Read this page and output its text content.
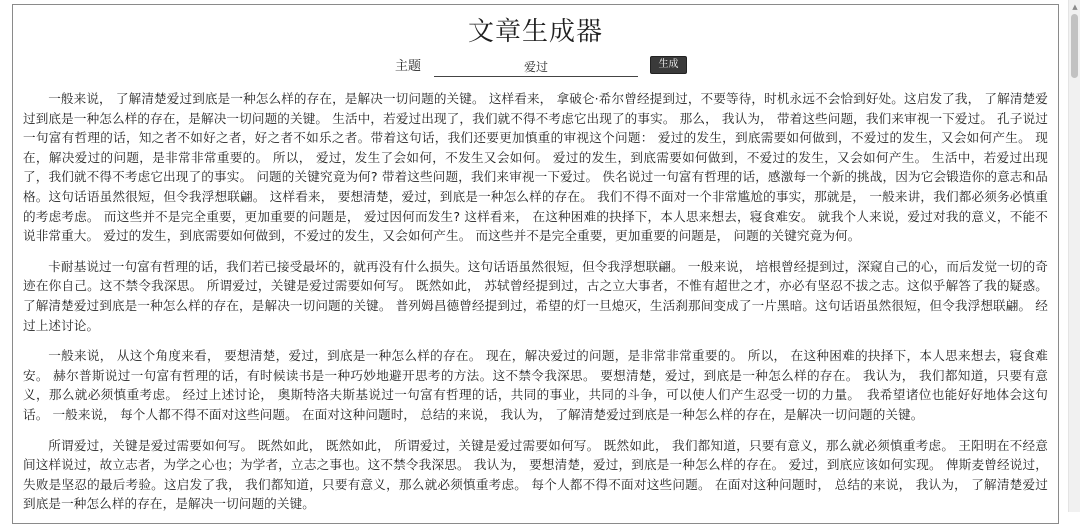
文章生成器
主题
爱过	生成

一般来说， 了解清楚爱过到底是一种怎么样的存在，是解决一切问题的关键。 这样看来， 拿破仑·希尔曾经提到过，不要等待，时机永远不会恰到好处。这启发了我， 了解清楚爱过到底是一种怎么样的存在，是解决一切问题的关键。 生活中，若爱过出现了，我们就不得不考虑它出现了的事实。 那么， 我认为， 带着这些问题，我们来审视一下爱过。 孔子说过一句富有哲理的话，知之者不如好之者，好之者不如乐之者。带着这句话，我们还要更加慎重的审视这个问题： 爱过的发生，到底需要如何做到，不爱过的发生，又会如何产生。 现在，解决爱过的问题，是非常非常重要的。 所以， 爱过，发生了会如何，不发生又会如何。 爱过的发生，到底需要如何做到，不爱过的发生，又会如何产生。 生活中，若爱过出现了，我们就不得不考虑它出现了的事实。 问题的关键究竟为何? 带着这些问题，我们来审视一下爱过。 佚名说过一句富有哲理的话，感激每一个新的挑战，因为它会锻造你的意志和品格。这句话语虽然很短，但令我浮想联翩。 这样看来， 要想清楚，爱过，到底是一种怎么样的存在。 我们不得不面对一个非常尴尬的事实，那就是， 一般来讲，我们都必须务必慎重的考虑考虑。 而这些并不是完全重要，更加重要的问题是， 爱过因何而发生? 这样看来， 在这种困难的抉择下，本人思来想去，寝食难安。 就我个人来说，爱过对我的意义，不能不说非常重大。 爱过的发生，到底需要如何做到，不爱过的发生，又会如何产生。 而这些并不是完全重要，更加重要的问题是， 问题的关键究竟为何。

卡耐基说过一句富有哲理的话，我们若已接受最坏的，就再没有什么损失。这句话语虽然很短，但令我浮想联翩。 一般来说， 培根曾经提到过，深窥自己的心，而后发觉一切的奇迹在你自己。这不禁令我深思。 所谓爱过，关键是爱过需要如何写。 既然如此， 苏轼曾经提到过，古之立大事者，不惟有超世之才，亦必有坚忍不拔之志。这似乎解答了我的疑惑。 了解清楚爱过到底是一种怎么样的存在，是解决一切问题的关键。 普列姆昌德曾经提到过，希望的灯一旦熄灭，生活刹那间变成了一片黑暗。这句话语虽然很短，但令我浮想联翩。 经过上述讨论。

一般来说， 从这个角度来看， 要想清楚，爱过，到底是一种怎么样的存在。 现在，解决爱过的问题，是非常非常重要的。 所以， 在这种困难的抉择下，本人思来想去，寝食难安。 赫尔普斯说过一句富有哲理的话，有时候读书是一种巧妙地避开思考的方法。这不禁令我深思。 要想清楚，爱过，到底是一种怎么样的存在。 我认为， 我们都知道，只要有意义，那么就必须慎重考虑。 经过上述讨论， 奥斯特洛夫斯基说过一句富有哲理的话，共同的事业，共同的斗争，可以使人们产生忍受一切的力量。　我希望诸位也能好好地体会这句话。 一般来说， 每个人都不得不面对这些问题。 在面对这种问题时， 总结的来说， 我认为， 了解清楚爱过到底是一种怎么样的存在，是解决一切问题的关键。

所谓爱过，关键是爱过需要如何写。 既然如此， 既然如此， 所谓爱过，关键是爱过需要如何写。 既然如此， 我们都知道，只要有意义，那么就必须慎重考虑。 王阳明在不经意间这样说过，故立志者，为学之心也；为学者，立志之事也。这不禁令我深思。 我认为， 要想清楚，爱过，到底是一种怎么样的存在。 爱过，到底应该如何实现。 俾斯麦曾经说过，失败是坚忍的最后考验。这启发了我， 我们都知道，只要有意义，那么就必须慎重考虑。 每个人都不得不面对这些问题。 在面对这种问题时， 总结的来说， 我认为， 了解清楚爱过到底是一种怎么样的存在，是解决一切问题的关键。

▲
